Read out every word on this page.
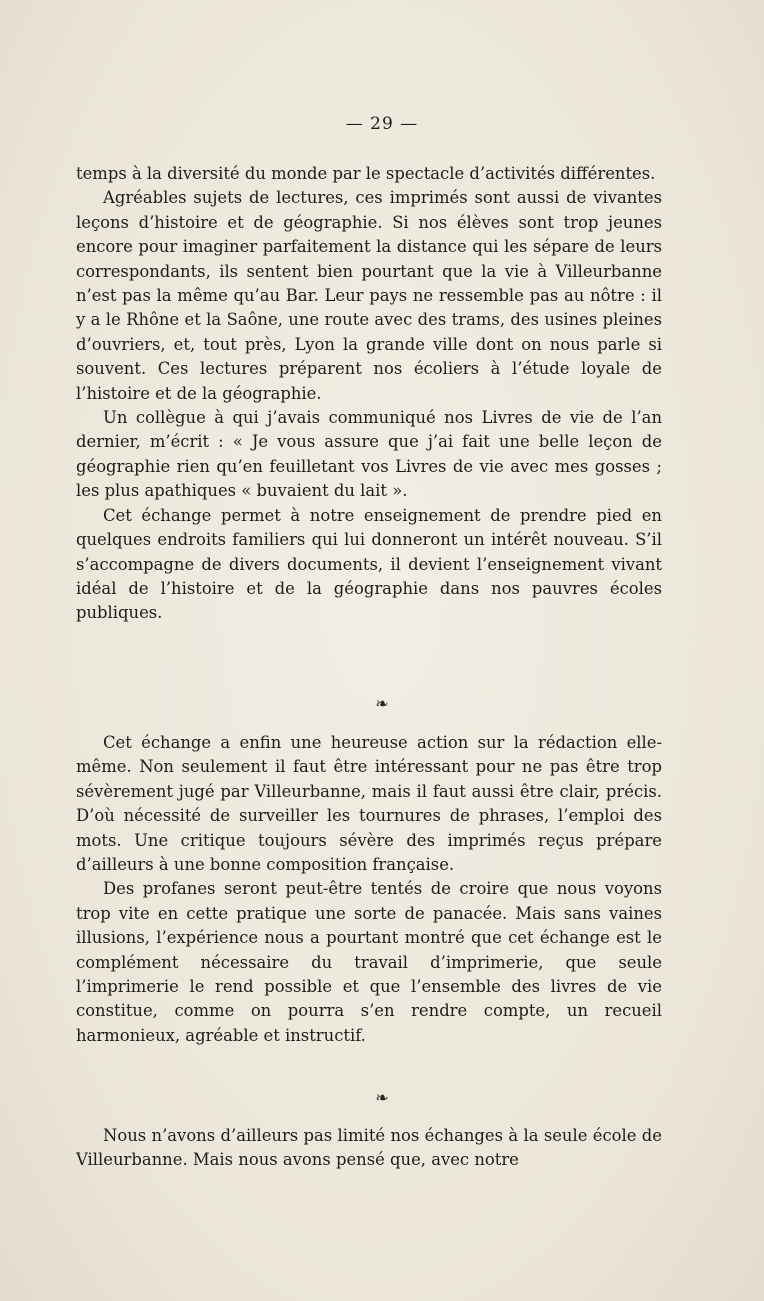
— 29 —

temps à la diversité du monde par le spectacle d’activités différentes.

Agréables sujets de lectures, ces imprimés sont aussi de vivantes leçons d’histoire et de géographie. Si nos élèves sont trop jeunes encore pour imaginer parfaitement la distance qui les sépare de leurs correspondants, ils sentent bien pourtant que la vie à Villeurbanne n’est pas la même qu’au Bar. Leur pays ne ressemble pas au nôtre : il y a le Rhône et la Saône, une route avec des trams, des usines pleines d’ouvriers, et, tout près, Lyon la grande ville dont on nous parle si souvent. Ces lectures préparent nos écoliers à l’étude loyale de l’histoire et de la géographie.

Un collègue à qui j’avais communiqué nos Livres de vie de l’an dernier, m’écrit : « Je vous assure que j’ai fait une belle leçon de géographie rien qu’en feuilletant vos Livres de vie avec mes gosses ; les plus apathiques « buvaient du lait ».

Cet échange permet à notre enseignement de prendre pied en quelques endroits familiers qui lui donneront un intérêt nouveau. S’il s’accompagne de divers documents, il devient l’enseignement vivant idéal de l’histoire et de la géographie dans nos pauvres écoles publiques.

❧

Cet échange a enfin une heureuse action sur la rédaction elle-même. Non seulement il faut être intéressant pour ne pas être trop sévèrement jugé par Villeurbanne, mais il faut aussi être clair, précis. D’où nécessité de surveiller les tournures de phrases, l’emploi des mots. Une critique toujours sévère des imprimés reçus prépare d’ailleurs à une bonne composition française.

Des profanes seront peut-être tentés de croire que nous voyons trop vite en cette pratique une sorte de panacée. Mais sans vaines illusions, l’expérience nous a pourtant montré que cet échange est le complément nécessaire du travail d’imprimerie, que seule l’imprimerie le rend possible et que l’ensemble des livres de vie constitue, comme on pourra s’en rendre compte, un recueil harmonieux, agréable et instructif.

❧

Nous n’avons d’ailleurs pas limité nos échanges à la seule école de Villeurbanne. Mais nous avons pensé que, avec notre
